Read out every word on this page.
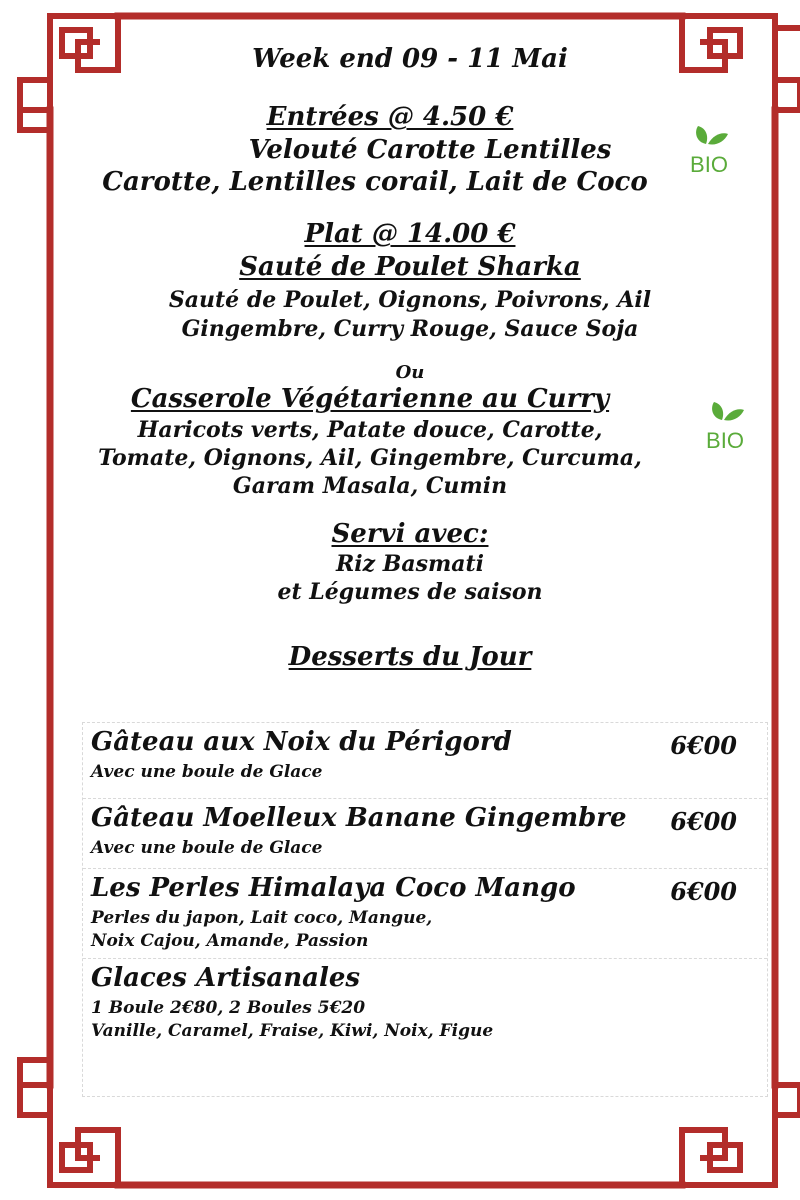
Week end 09 - 11 Mai
Entrées @ 4.50 €
Velouté Carotte Lentilles
Carotte, Lentilles corail, Lait de Coco
BIO
Plat @ 14.00 €
Sauté de Poulet Sharka
Sauté de Poulet, Oignons, Poivrons, Ail
Gingembre, Curry Rouge, Sauce Soja
Ou
Casserole Végétarienne au Curry
Haricots verts, Patate douce, Carotte,
Tomate, Oignons, Ail, Gingembre, Curcuma,
Garam Masala, Cumin
BIO
Servi avec:
Riz Basmati
et Légumes de saison
Desserts du Jour
Gâteau aux Noix du Périgord	6€00
Avec une boule de Glace
Gâteau Moelleux Banane Gingembre 6€00
Avec une boule de Glace
Les Perles Himalaya Coco Mango	6€00
Perles du japon, Lait coco, Mangue,
Noix Cajou, Amande, Passion
Glaces Artisanales
1 Boule 2€80, 2 Boules 5€20
Vanille, Caramel, Fraise, Kiwi, Noix, Figue
